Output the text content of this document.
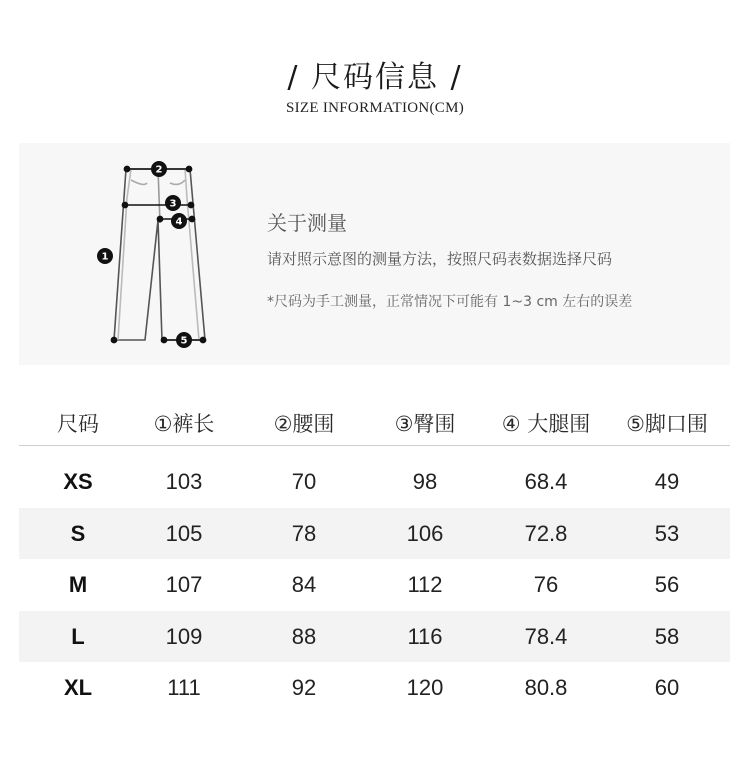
/ 尺码信息 /
SIZE INFORMATION(CM)
2
3
4
1
5
关于测量
请对照示意图的测量方法，按照尺码表数据选择尺码
*尺码为手工测量，正常情况下可能有 1~3 cm 左右的误差
尺码	①裤长	②腰围	③臀围	④ 大腿围	⑤脚口围
XS	103	70	98	68.4	49
S	105	78	106	72.8	53
M	107	84	112	76	56
L	109	88	116	78.4	58
XL	111	92	120	80.8	60
